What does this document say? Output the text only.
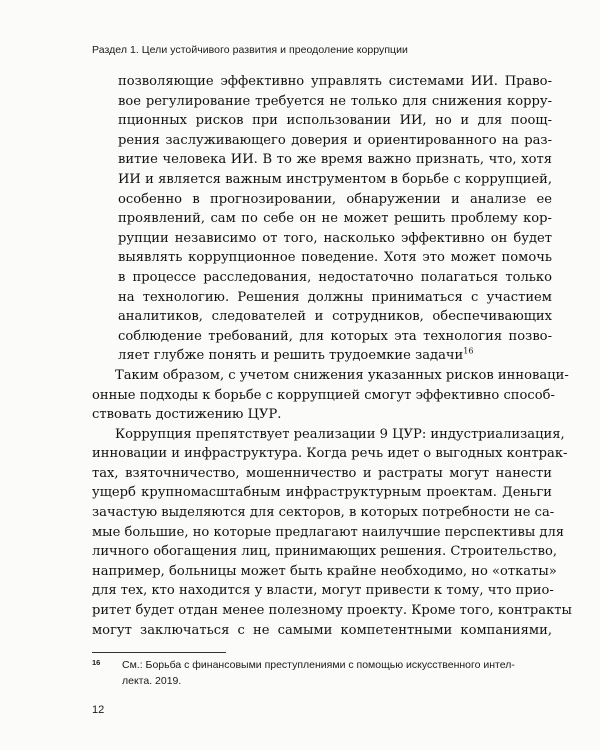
Раздел 1. Цели устойчивого развития и преодоление коррупции
позволяющие эффективно управлять системами ИИ. Право-
вое регулирование требуется не только для снижения корру-
пционных рисков при использовании ИИ, но и для поощ-
рения заслуживающего доверия и ориентированного на раз-
витие человека ИИ. В то же время важно признать, что, хотя
ИИ и является важным инструментом в борьбе с коррупцией,
особенно в прогнозировании, обнаружении и анализе ее
проявлений, сам по себе он не может решить проблему кор-
рупции независимо от того, насколько эффективно он будет
выявлять коррупционное поведение. Хотя это может помочь
в процессе расследования, недостаточно полагаться только
на технологию. Решения должны приниматься с участием
аналитиков, следователей и сотрудников, обеспечивающих
соблюдение требований, для которых эта технология позво-
ляет глубже понять и решить трудоемкие задачи$^{16}$
Таким образом, с учетом снижения указанных рисков инноваци-
онные подходы к борьбе с коррупцией смогут эффективно способ-
ствовать достижению ЦУР.
Коррупция препятствует реализации 9 ЦУР: индустриализация,
инновации и инфраструктура. Когда речь идет о выгодных контрак-
тах, взяточничество, мошенничество и растраты могут нанести
ущерб крупномасштабным инфраструктурным проектам. Деньги
зачастую выделяются для секторов, в которых потребности не са-
мые большие, но которые предлагают наилучшие перспективы для
личного обогащения лиц, принимающих решения. Строительство,
например, больницы может быть крайне необходимо, но «откаты»
для тех, кто находится у власти, могут привести к тому, что прио-
ритет будет отдан менее полезному проекту. Кроме того, контракты
могут заключаться с не самыми компетентными компаниями,
16	См.: Борьба с финансовыми преступлениями с помощью искусственного интел-
лекта. 2019.
12
